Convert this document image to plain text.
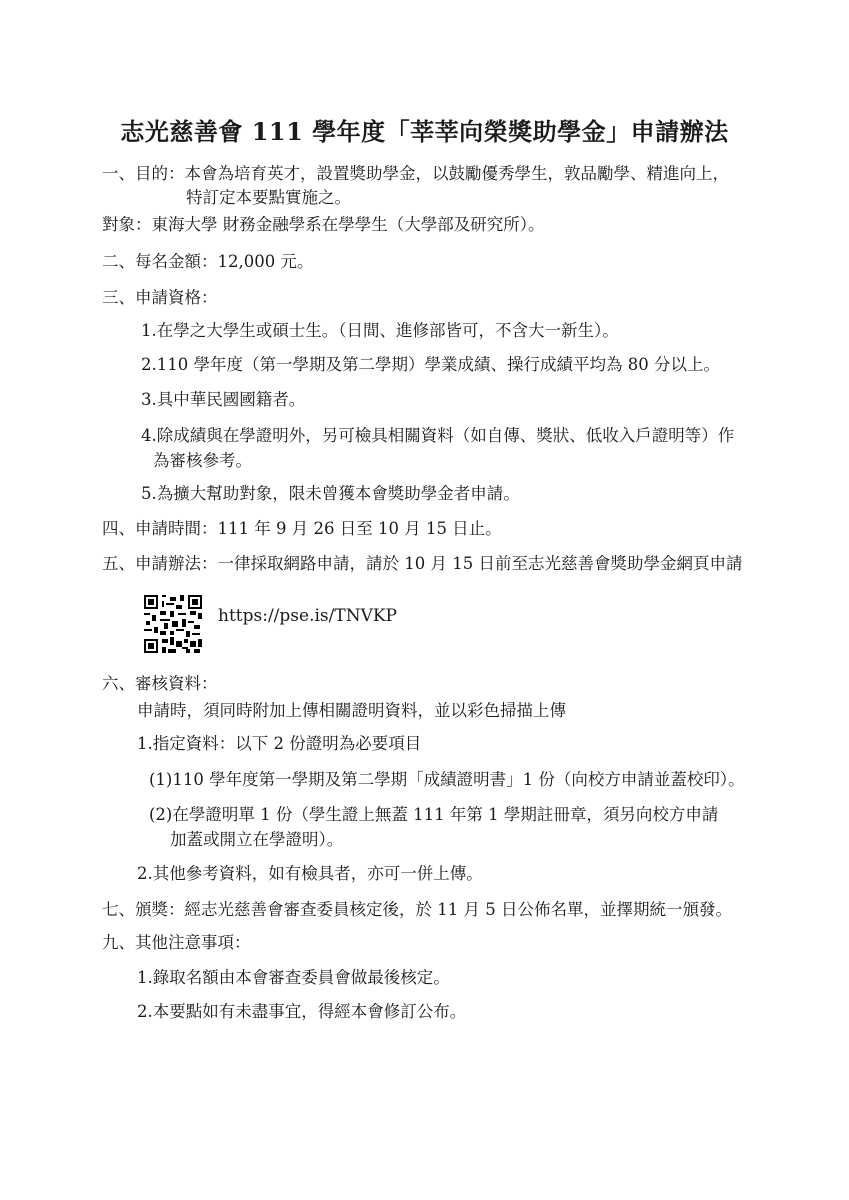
志光慈善會 111 學年度「莘莘向榮獎助學金」申請辦法

一、目的：本會為培育英才，設置獎助學金，以鼓勵優秀學生，敦品勵學、精進向上，

特訂定本要點實施之。

對象：東海大學 財務金融學系在學學生（大學部及研究所）。

二、每名金額：12,000 元。

三、申請資格：

1.在學之大學生或碩士生。（日間、進修部皆可，不含大一新生）。

2.110 學年度（第一學期及第二學期）學業成績、操行成績平均為 80 分以上。

3.具中華民國國籍者。

4.除成績與在學證明外，另可檢具相關資料（如自傳、獎狀、低收入戶證明等）作

為審核參考。

5.為擴大幫助對象，限未曾獲本會獎助學金者申請。

四、申請時間：111 年 9 月 26 日至 10 月 15 日止。

五、申請辦法：一律採取網路申請，請於 10 月 15 日前至志光慈善會獎助學金網頁申請

https://pse.is/TNVKP

六、審核資料：

申請時，須同時附加上傳相關證明資料，並以彩色掃描上傳

1.指定資料：以下 2 份證明為必要項目

(1)110 學年度第一學期及第二學期「成績證明書」1 份（向校方申請並蓋校印）。

(2)在學證明單 1 份（學生證上無蓋 111 年第 1 學期註冊章，須另向校方申請

加蓋或開立在學證明）。

2.其他參考資料，如有檢具者，亦可一併上傳。

七、頒獎：經志光慈善會審查委員核定後，於 11 月 5 日公佈名單，並擇期統一頒發。

九、其他注意事項：

1.錄取名額由本會審查委員會做最後核定。

2.本要點如有未盡事宜，得經本會修訂公布。
